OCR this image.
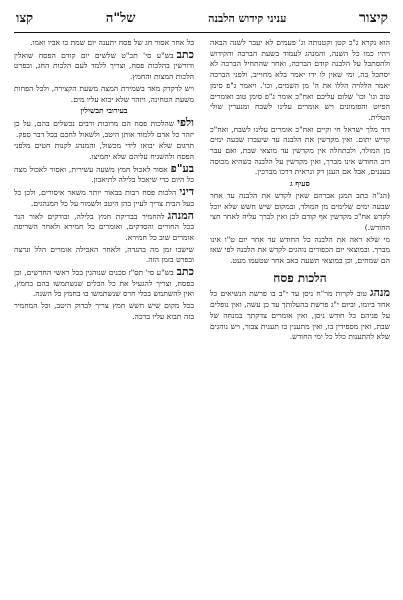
קיצור
עניני קידוש הלבנה
של"ה
קצו

הוא נקרא ג"כ קטן וקטנותה וג' פעמים לא יעבר לשנה הבאה ויהיו כמו כל השנה, והמנהג לעמוד בשעת הברכה והקידוש ולהסתכל על הלבנה קודם הברכה, ואחר שהתחיל הברכה לא יסתכל בה, ומי שאין לו ידו יאמר בלא מחוייב, ולפני הברכה יאמר הללויה הללו את ה' מן השמים, וכו'. ויאמר ג"פ סימן טוב וגו' וכו' שלום עליכם ואח"כ אומר ג"פ סימן טוב ואומרים הפיוט והפזמונים ויש אומרים עלינו לשבח ומנערין שולי הטלית.

דוד מלך ישראל חי וקיים ואח"כ אומרים עלינו לשבח, ואח"כ קדיש יתום. ואין מקדשין את הלבנה עד שיעברו שבעה ימים מן המולד, ולכתחלה אין מקדשין עד מוצאי שבת, ואם עבר רוב החודש אינו מברך, ואין מקדשין על הלבנה כשהיא מכוסה בעננים, אבל אם הענן דק ונראית דרכו מברכין.

סעיף ג

(הג"ה כתב המגן אברהם שאין לקדש את הלבנה עד אחר שבעה ימים שלימים מן המולד, ובמקום שיש חשש שלא יוכל לקדש אח"כ מקדשין אף קודם לכן ואין לברך עליה לאחר חצי החודש.)

מי שלא ראה את הלבנה כל החודש עד אחר יום ט"ו אינו מברך. ובמוצאי יום הכפורים נוהגים לקדש את הלבנה לפי שאז הם שמחים, וכן במוצאי תשעה באב אחר שטעמו מעט.

הלכות פסח

מנהגטוב לקרות מר"ח ניסן עד י"ב בו פרשת הנשיאים כל אחד ביומו, וביום י"ג פרשת בהעלותך עד כן עשה, ואין נופלים על פניהם כל חודש ניסן, ואין אומרים צדקתך במנחה של שבת, ואין מספידין בו, ואין מתענין בו תענית צבור, ויש נוהגים שלא להתענות כלל כל ימי החודש.

בל אחר אסור חג של פסח יתענה יום שמת בו אביו ואמו.

כתבבש"ע סי' תכ"ט שלשים יום קודם הפסח שואלין ודורשין בהלכות פסח, וצריך ללמד לעם הלכות החג, ובפרט הלכות המצות והחמץ.

ויש לדקדק מאד בשמירת המצה משעת הקצירה, ולכל הפחות משעת הטחינה, ויזהר שלא יבוא עליו מים.

בעירובי תבשילין

ולפישהלכות פסח הם מרובות ורבים נכשלים בהם, על כן יזהר כל אדם ללמוד אותן היטב, ולשאול לחכם בכל דבר ספק.

תרגום שלא יבואו לידי מכשול, והמנהג לקנות חטים מלפני הפסח ולהשגיח עליהם שלא יחמיצו.

בע"פאסור לאכול חמץ משעה עשירית, ואסור לאכול מצה כל היום כדי שיאכל בלילה לתיאבון.

דיניהלכות פסח רבות בבאור יותר משאר איסורים, ולכן כל בעל הבית צריך לעיין בהן היטב ולשמור על כל המנהגים.

המנהגלהחמיר בבדיקת חמץ בלילה, ובודקים לאור הנר בכל החורים והסדקים, ואומרים כל חמירא ולאחר השריפה אומרים שוב כל חמירא.

שישבו זמן מה בהגדה, ולאחר האכילה אומרים הלל ונרצה ובפרט בזמן הזה.

כתבבש"ע סי' תס"ז סכנים שנוהגין בכל ראשי החדשים, וכן בפסח, וצריך להגעיל את כל הכלים שנשתמשו בהם בחמץ, ואין להשתמש בכלי חרס שנשתמשו בו בחמץ כל השנה.

בכל מקום שיש חשש חמץ צריך לבדוק היטב, וכל המחמיר בזה תבוא עליו ברכה.
